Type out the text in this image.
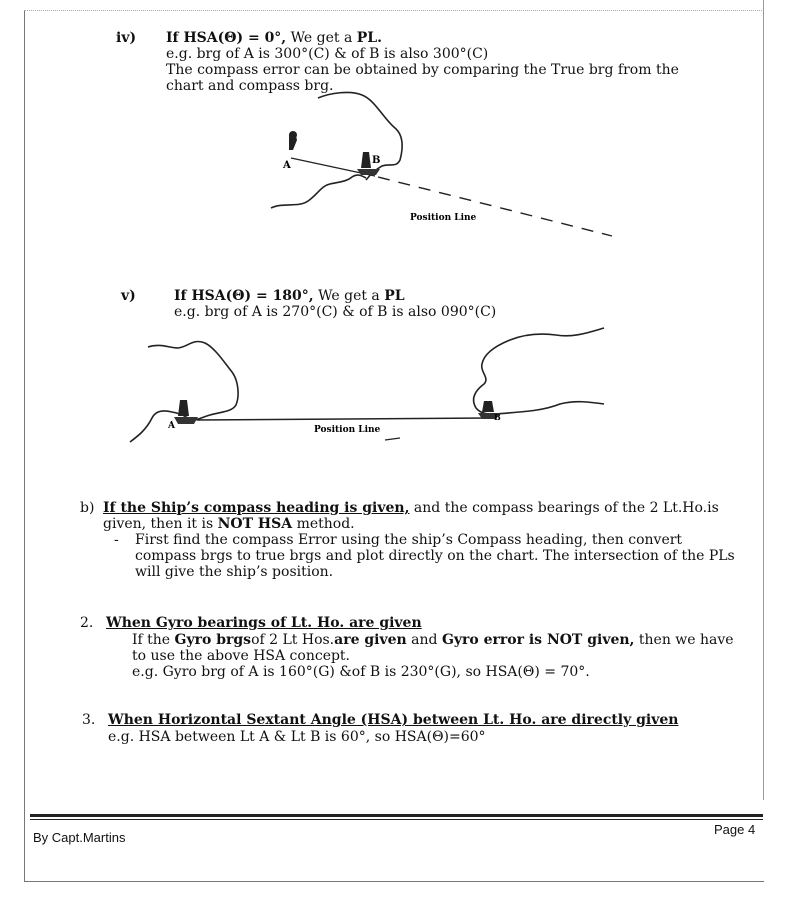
iv) If HSA(Θ) = 0°, We get a PL.
e.g. brg of A is 300°(C) & of B is also 300°(C)
The compass error can be obtained by comparing the True brg from the
chart and compass brg.
A	B
Position Line
v)	If HSA(Θ) = 180°, We get a PL
e.g. brg of A is 270°(C) & of B is also 090°(C)
A
B
Position Line
b) If the Ship’s compass heading is given, and the compass bearings of the 2 Lt.Ho.is
given, then it is NOT HSA method.
- First find the compass Error using the ship’s Compass heading, then convert
compass brgs to true brgs and plot directly on the chart. The intersection of the PLs
will give the ship’s position.
2. When Gyro bearings of Lt. Ho. are given
If the Gyro brgsof 2 Lt Hos.are given and Gyro error is NOT given, then we have
to use the above HSA concept.
e.g. Gyro brg of A is 160°(G) &of B is 230°(G), so HSA(Θ) = 70°.
3. When Horizontal Sextant Angle (HSA) between Lt. Ho. are directly given
e.g. HSA between Lt A & Lt B is 60°, so HSA(Θ)=60°
By Capt.Martins
Page 4
